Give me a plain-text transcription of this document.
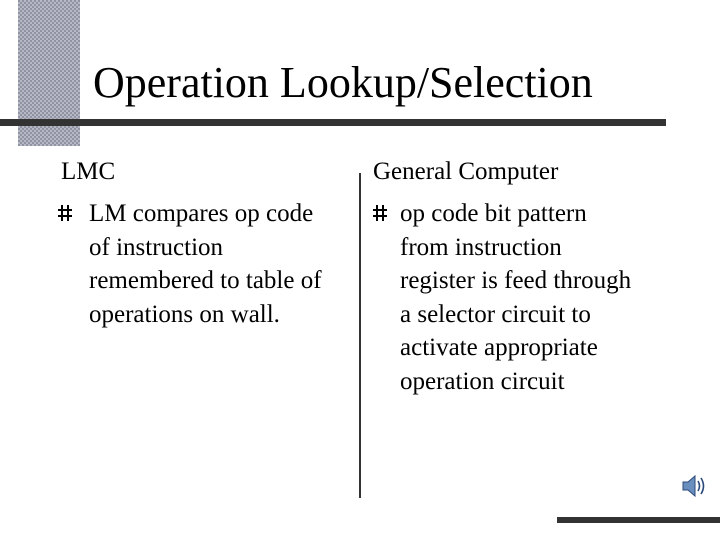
Operation Lookup/Selection
LMC	General Computer
LM compares op code
of instruction
remembered to table of
operations on wall.
op code bit pattern
from instruction
register is feed through
a selector circuit to
activate appropriate
operation circuit
